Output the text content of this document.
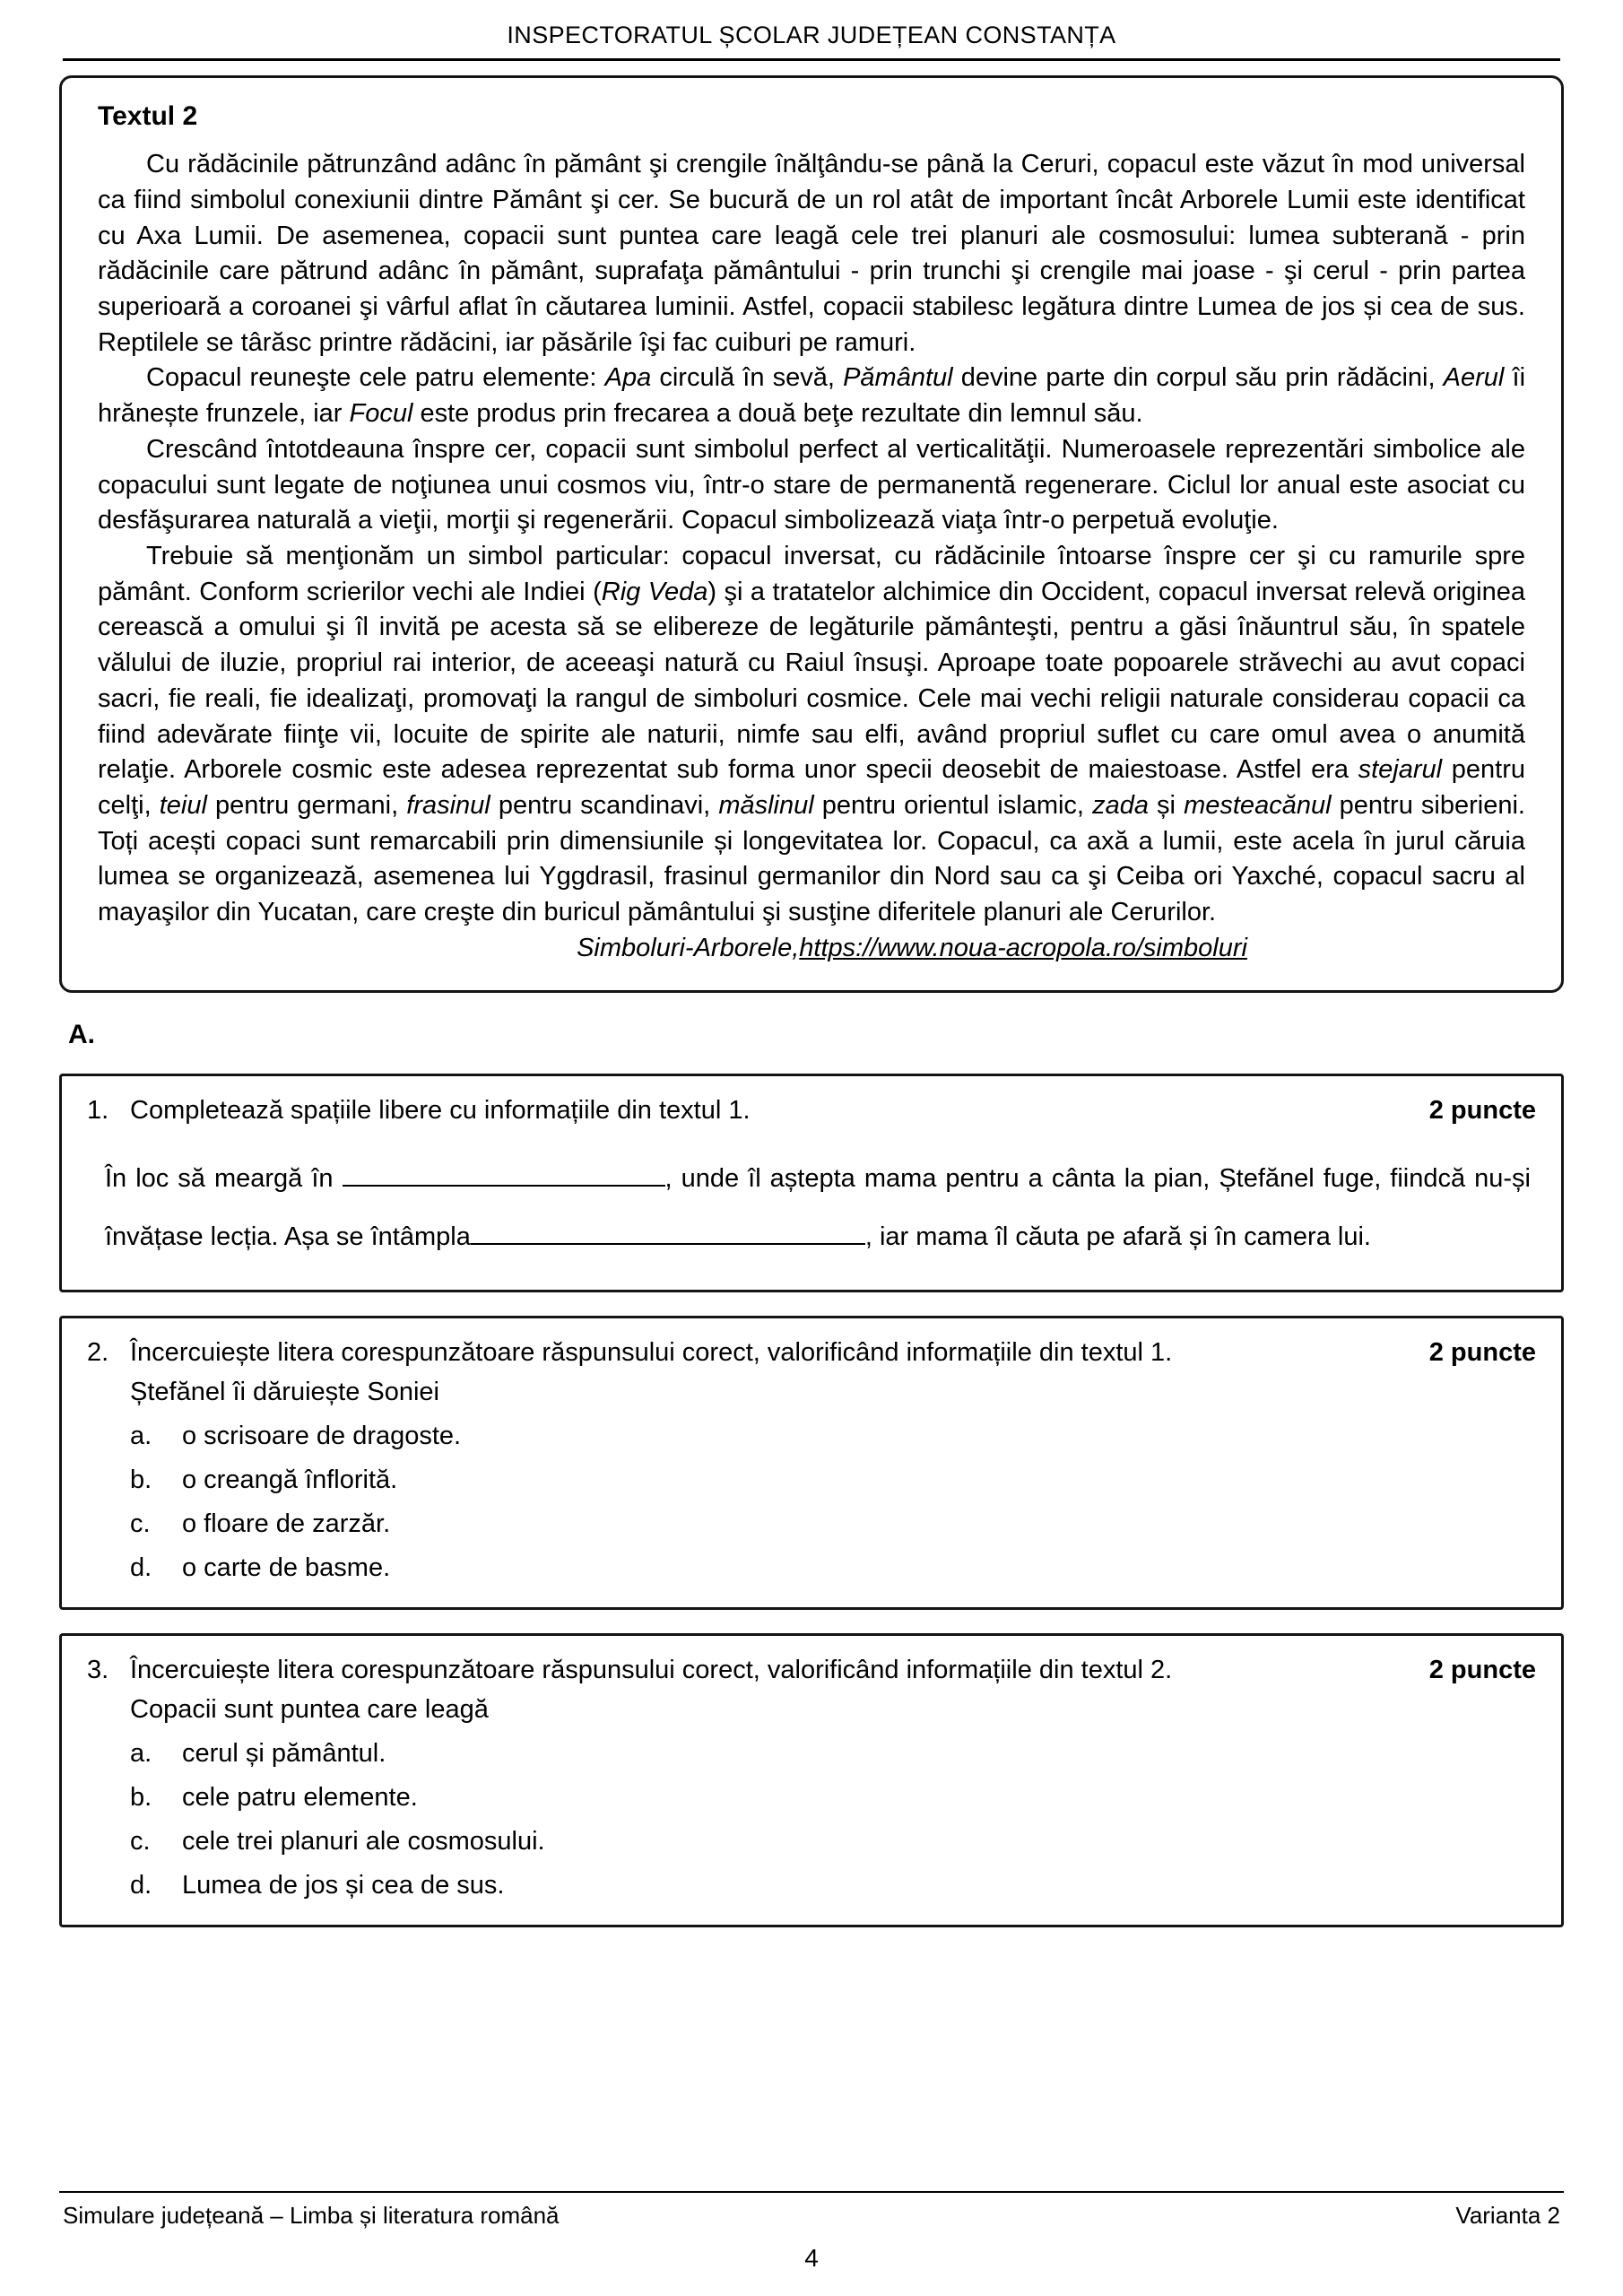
INSPECTORATUL ȘCOLAR JUDEȚEAN CONSTANȚA
Textul 2

Cu rădăcinile pătrunzând adânc în pământ şi crengile înălţându-se până la Ceruri, copacul este văzut în mod universal ca fiind simbolul conexiunii dintre Pământ şi cer. Se bucură de un rol atât de important încât Arborele Lumii este identificat cu Axa Lumii. De asemenea, copacii sunt puntea care leagă cele trei planuri ale cosmosului: lumea subterană - prin rădăcinile care pătrund adânc în pământ, suprafaţa pământului - prin trunchi şi crengile mai joase - şi cerul - prin partea superioară a coroanei şi vârful aflat în căutarea luminii. Astfel, copacii stabilesc legătura dintre Lumea de jos și cea de sus. Reptilele se târăsc printre rădăcini, iar păsările îşi fac cuiburi pe ramuri.

Copacul reuneşte cele patru elemente: Apa circulă în sevă, Pământul devine parte din corpul său prin rădăcini, Aerul îi hrănește frunzele, iar Focul este produs prin frecarea a două beţe rezultate din lemnul său.

Crescând întotdeauna înspre cer, copacii sunt simbolul perfect al verticalităţii. Numeroasele reprezentări simbolice ale copacului sunt legate de noţiunea unui cosmos viu, într-o stare de permanentă regenerare. Ciclul lor anual este asociat cu desfăşurarea naturală a vieţii, morţii şi regenerării. Copacul simbolizează viaţa într-o perpetuă evoluţie.

Trebuie să menţionăm un simbol particular: copacul inversat, cu rădăcinile întoarse înspre cer şi cu ramurile spre pământ. Conform scrierilor vechi ale Indiei (Rig Veda) şi a tratatelor alchimice din Occident, copacul inversat relevă originea cerească a omului şi îl invită pe acesta să se elibereze de legăturile pământeşti, pentru a găsi înăuntrul său, în spatele vălului de iluzie, propriul rai interior, de aceeaşi natură cu Raiul însuşi. Aproape toate popoarele străvechi au avut copaci sacri, fie reali, fie idealizaţi, promovaţi la rangul de simboluri cosmice. Cele mai vechi religii naturale considerau copacii ca fiind adevărate fiinţe vii, locuite de spirite ale naturii, nimfe sau elfi, având propriul suflet cu care omul avea o anumită relaţie. Arborele cosmic este adesea reprezentat sub forma unor specii deosebit de maiestoase. Astfel era stejarul pentru celţi, teiul pentru germani, frasinul pentru scandinavi, măslinul pentru orientul islamic, zada și mesteacănul pentru siberieni. Toți acești copaci sunt remarcabili prin dimensiunile și longevitatea lor. Copacul, ca axă a lumii, este acela în jurul căruia lumea se organizează, asemenea lui Yggdrasil, frasinul germanilor din Nord sau ca şi Ceiba ori Yaxché, copacul sacru al mayaşilor din Yucatan, care creşte din buricul pământului şi susţine diferitele planuri ale Cerurilor.

Simboluri-Arborele,https://www.noua-acropola.ro/simboluri

A.
1. Completează spațiile libere cu informațiile din textul 1.	2 puncte

În loc să meargă în	, unde îl aștepta mama pentru a cânta la pian, Ștefănel fuge, fiindcă nu-și învățase lecția. Așa se întâmpla	, iar mama îl căuta pe afară și în camera lui.

2. Încercuiește litera corespunzătoare răspunsului corect, valorificând informațiile din textul 1.	2 puncte
Ștefănel îi dăruiește Soniei
a.	o scrisoare de dragoste.
b.	o creangă înflorită.
c.	o floare de zarzăr.
d.	o carte de basme.
3. Încercuiește litera corespunzătoare răspunsului corect, valorificând informațiile din textul 2.	2 puncte
Copacii sunt puntea care leagă
a.	cerul și pământul.
b.	cele patru elemente.
c.	cele trei planuri ale cosmosului.
d.	Lumea de jos și cea de sus.
Simulare județeană – Limba și literatura română	Varianta 2
4
